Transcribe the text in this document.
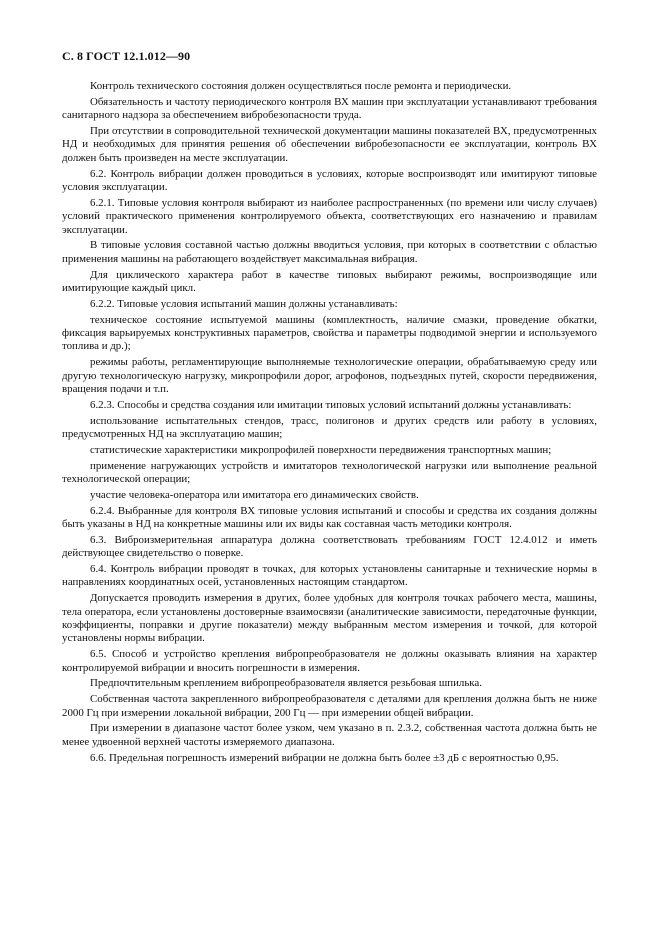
С. 8 ГОСТ 12.1.012—90

Контроль технического состояния должен осуществляться после ремонта и периодически.

Обязательность и частоту периодического контроля ВХ машин при эксплуатации устанавливают требования санитарного надзора за обеспечением вибробезопасности труда.

При отсутствии в сопроводительной технической документации машины показателей ВХ, предусмотренных НД и необходимых для принятия решения об обеспечении вибробезопасности ее эксплуатации, контроль ВХ должен быть произведен на месте эксплуатации.

6.2. Контроль вибрации должен проводиться в условиях, которые воспроизводят или имитируют типовые условия эксплуатации.

6.2.1. Типовые условия контроля выбирают из наиболее распространенных (по времени или числу случаев) условий практического применения контролируемого объекта, соответствующих его назначению и правилам эксплуатации.

В типовые условия составной частью должны вводиться условия, при которых в соответствии с областью применения машины на работающего воздействует максимальная вибрация.

Для циклического характера работ в качестве типовых выбирают режимы, воспроизводящие или имитирующие каждый цикл.

6.2.2. Типовые условия испытаний машин должны устанавливать:

техническое состояние испытуемой машины (комплектность, наличие смазки, проведение обкатки, фиксация варьируемых конструктивных параметров, свойства и параметры подводимой энергии и используемого топлива и др.);

режимы работы, регламентирующие выполняемые технологические операции, обрабатываемую среду или другую технологическую нагрузку, микропрофили дорог, агрофонов, подъездных путей, скорости передвижения, вращения подачи и т.п.

6.2.3. Способы и средства создания или имитации типовых условий испытаний должны устанавливать:

использование испытательных стендов, трасс, полигонов и других средств или работу в условиях, предусмотренных НД на эксплуатацию машин;

статистические характеристики микропрофилей поверхности передвижения транспортных машин;

применение нагружающих устройств и имитаторов технологической нагрузки или выполнение реальной технологической операции;

участие человека-оператора или имитатора его динамических свойств.

6.2.4. Выбранные для контроля ВХ типовые условия испытаний и способы и средства их создания должны быть указаны в НД на конкретные машины или их виды как составная часть методики контроля.

6.3. Виброизмерительная аппаратура должна соответствовать требованиям ГОСТ 12.4.012 и иметь действующее свидетельство о поверке.

6.4. Контроль вибрации проводят в точках, для которых установлены санитарные и технические нормы в направлениях координатных осей, установленных настоящим стандартом.

Допускается проводить измерения в других, более удобных для контроля точках рабочего места, машины, тела оператора, если установлены достоверные взаимосвязи (аналитические зависимости, передаточные функции, коэффициенты, поправки и другие показатели) между выбранным местом измерения и точкой, для которой установлены нормы вибрации.

6.5. Способ и устройство крепления вибропреобразователя не должны оказывать влияния на характер контролируемой вибрации и вносить погрешности в измерения.

Предпочтительным креплением вибропреобразователя является резьбовая шпилька.

Собственная частота закрепленного вибропреобразователя с деталями для крепления должна быть не ниже 2000 Гц при измерении локальной вибрации, 200 Гц — при измерении общей вибрации.

При измерении в диапазоне частот более узком, чем указано в п. 2.3.2, собственная частота должна быть не менее удвоенной верхней частоты измеряемого диапазона.

6.6. Предельная погрешность измерений вибрации не должна быть более ±3 дБ с вероятностью 0,95.
